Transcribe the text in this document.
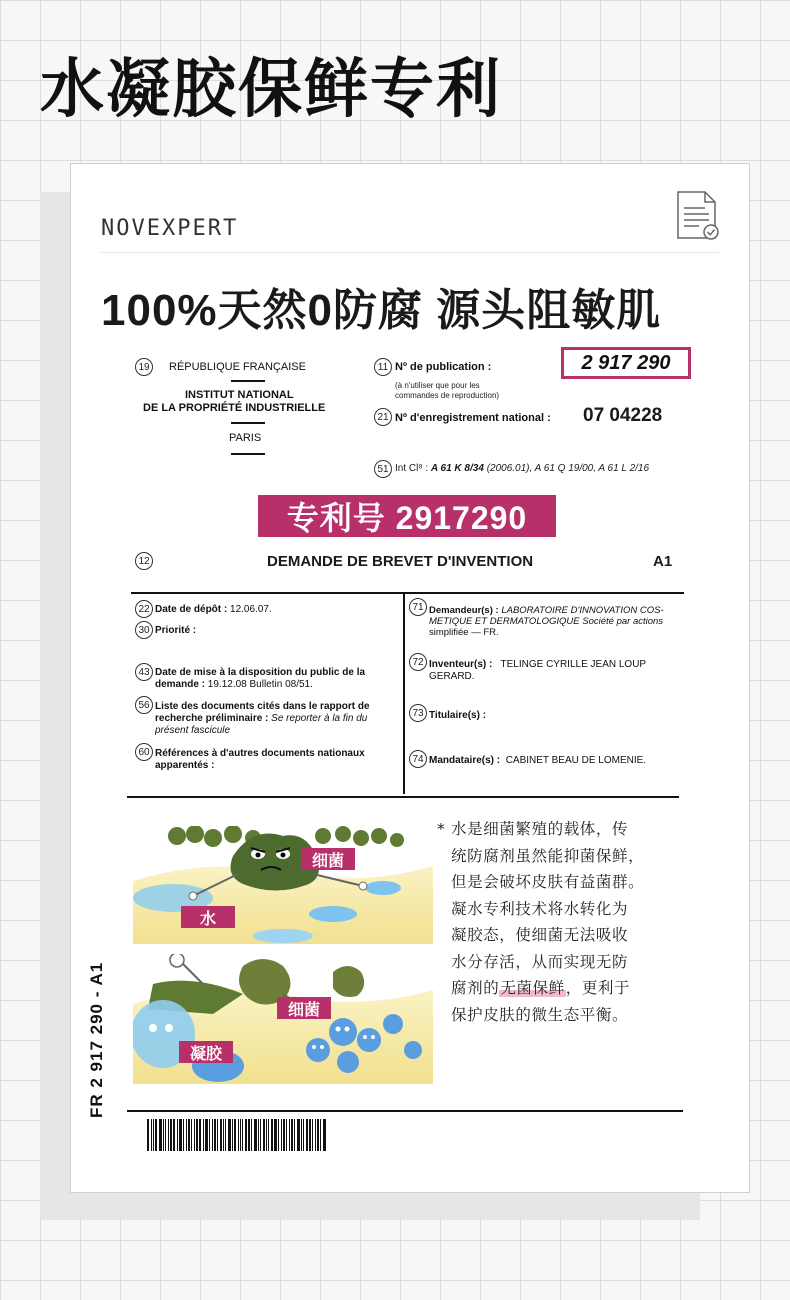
水凝胶保鲜专利
NOVEXPERT
100%天然0防腐 源头阻敏肌
19	RÉPUBLIQUE FRANÇAISE
INSTITUT NATIONAL
DE LA PROPRIÉTÉ INDUSTRIELLE
PARIS
11 Nº de publication :
(à n'utiliser que pour les
commandes de reproduction)
2 917 290
21 Nº d'enregistrement national : 07 04228
51 Int Cl⁸ : A 61 K 8/34 (2006.01), A 61 Q 19/00, A 61 L 2/16
专利号 2917290
12	DEMANDE DE BREVET D'INVENTION	A1
22 Date de dépôt : 12.06.07.
30 Priorité :
43 Date de mise à la disposition du public de la
demande : 19.12.08 Bulletin 08/51.
56 Liste des documents cités dans le rapport de
recherche préliminaire : Se reporter à la fin du
présent fascicule
60 Références à d'autres documents nationaux
apparentés :
71 Demandeur(s) : LABORATOIRE D'INNOVATION COS-
METIQUE ET DERMATOLOGIQUE Société par actions
simplifiée — FR.
72 Inventeur(s) : TELINGE CYRILLE JEAN LOUP
GERARD.
73 Titulaire(s) :
74 Mandataire(s) : CABINET BEAU DE LOMENIE.
细菌
水
细菌
凝胶
* 水是细菌繁殖的载体，传
统防腐剂虽然能抑菌保鲜，
但是会破坏皮肤有益菌群。
凝水专利技术将水转化为
凝胶态，使细菌无法吸收
水分存活，从而实现无防
腐剂的无菌保鲜，更利于
保护皮肤的微生态平衡。
FR 2 917 290 - A1
